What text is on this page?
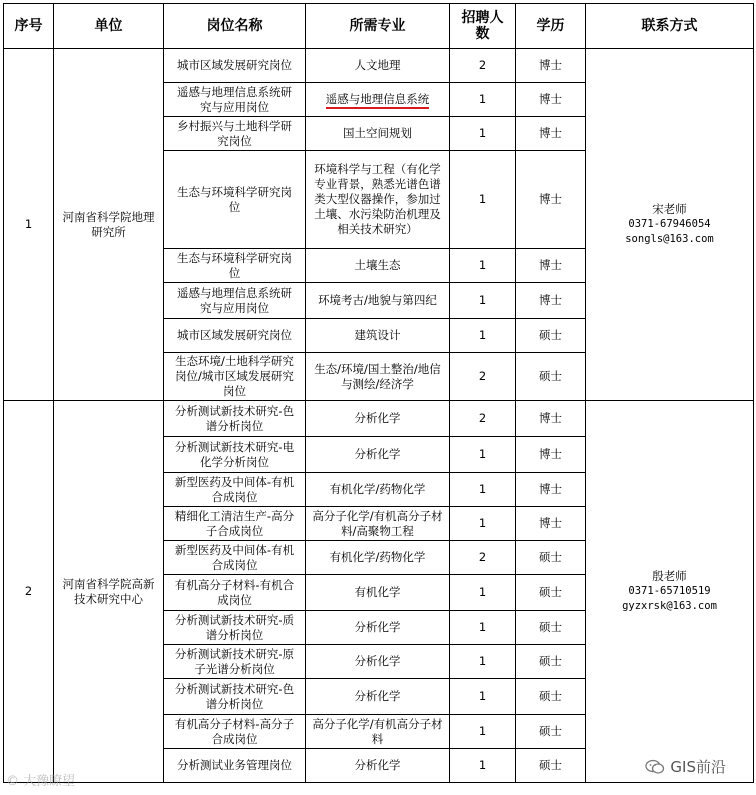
序号	单位	岗位名称	所需专业	招聘人数	学历	联系方式
1	河南省科学院地理研究所	城市区域发展研究岗位	人文地理	2	博士	宋老师
0371-67946054
songls@163.com

		遥感与地理信息系统研究与应用岗位	遥感与地理信息系统	1	博士	
		乡村振兴与土地科学研究岗位	国土空间规划	1	博士	
		生态与环境科学研究岗位	环境科学与工程（有化学专业背景，熟悉光谱色谱类大型仪器操作，参加过土壤、水污染防治机理及相关技术研究）	1	博士	
		生态与环境科学研究岗位	土壤生态	1	博士	
		遥感与地理信息系统研究与应用岗位	环境考古/地貌与第四纪	1	博士	
		城市区域发展研究岗位	建筑设计	1	硕士	
		生态环境/土地科学研究岗位/城市区域发展研究岗位	生态/环境/国土整治/地信与测绘/经济学	2	硕士	
2	河南省科学院高新技术研究中心	分析测试新技术研究-色谱分析岗位	分析化学	2	博士	殷老师
0371-65710519
gyzxrsk@163.com

		分析测试新技术研究-电化学分析岗位	分析化学	1	博士	
		新型医药及中间体-有机合成岗位	有机化学/药物化学	1	博士	
		精细化工清洁生产-高分子合成岗位	高分子化学/有机高分子材料/高聚物工程	1	博士	
		新型医药及中间体-有机合成岗位	有机化学/药物化学	2	硕士	
		有机高分子材料-有机合成岗位	有机化学	1	硕士	
		分析测试新技术研究-质谱分析岗位	分析化学	1	硕士	
		分析测试新技术研究-原子光谱分析岗位	分析化学	1	硕士	
		分析测试新技术研究-色谱分析岗位	分析化学	1	硕士	
		有机高分子材料-高分子合成岗位	高分子化学/有机高分子材料	1	硕士	
		分析测试业务管理岗位	分析化学	1	硕士	
© 大豫瞭望
GIS前沿
